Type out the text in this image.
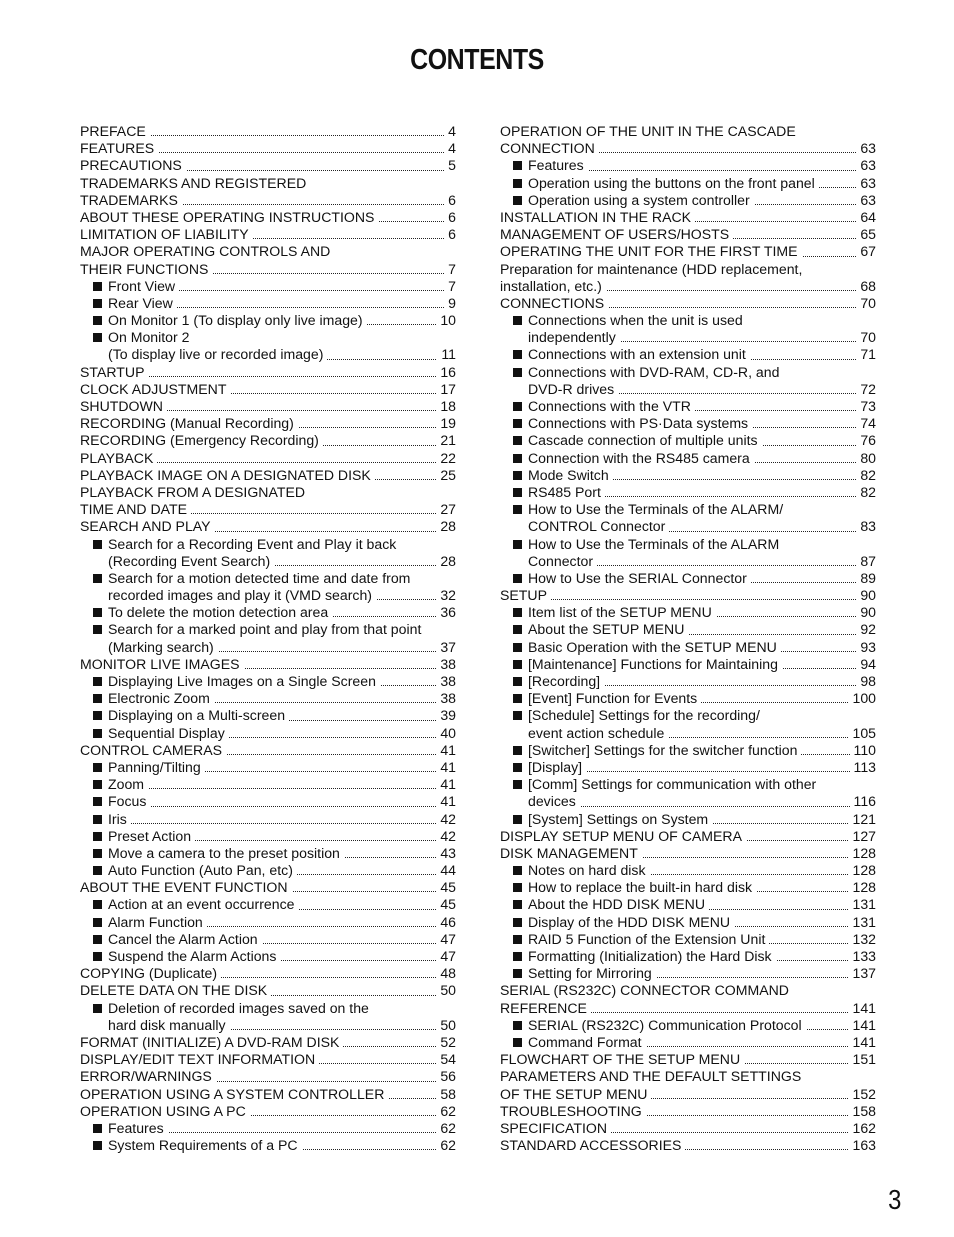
CONTENTS
PREFACE	4
FEATURES	4
PRECAUTIONS	5
TRADEMARKS AND REGISTERED
TRADEMARKS	6
ABOUT THESE OPERATING INSTRUCTIONS	6
LIMITATION OF LIABILITY	6
MAJOR OPERATING CONTROLS AND
THEIR FUNCTIONS	7
Front View	7
Rear View	9
On Monitor 1 (To display only live image)	10
On Monitor 2
(To display live or recorded image)	11
STARTUP	16
CLOCK ADJUSTMENT	17
SHUTDOWN	18
RECORDING (Manual Recording)	19
RECORDING (Emergency Recording)	21
PLAYBACK	22
PLAYBACK IMAGE ON A DESIGNATED DISK	25
PLAYBACK FROM A DESIGNATED
TIME AND DATE	27
SEARCH AND PLAY	28
Search for a Recording Event and Play it back
(Recording Event Search)	28
Search for a motion detected time and date from
recorded images and play it (VMD search)	32
To delete the motion detection area	36
Search for a marked point and play from that point
(Marking search)	37
MONITOR LIVE IMAGES	38
Displaying Live Images on a Single Screen	38
Electronic Zoom	38
Displaying on a Multi-screen	39
Sequential Display	40
CONTROL CAMERAS	41
Panning/Tilting	41
Zoom	41
Focus	41
Iris	42
Preset Action	42
Move a camera to the preset position	43
Auto Function (Auto Pan, etc)	44
ABOUT THE EVENT FUNCTION	45
Action at an event occurrence	45
Alarm Function	46
Cancel the Alarm Action	47
Suspend the Alarm Actions	47
COPYING (Duplicate)	48
DELETE DATA ON THE DISK	50
Deletion of recorded images saved on the
hard disk manually	50
FORMAT (INITIALIZE) A DVD-RAM DISK	52
DISPLAY/EDIT TEXT INFORMATION	54
ERROR/WARNINGS	56
OPERATION USING A SYSTEM CONTROLLER	58
OPERATION USING A PC	62
Features	62
System Requirements of a PC	62
OPERATION OF THE UNIT IN THE CASCADE
CONNECTION	63
Features	63
Operation using the buttons on the front panel	63
Operation using a system controller	63
INSTALLATION IN THE RACK	64
MANAGEMENT OF USERS/HOSTS	65
OPERATING THE UNIT FOR THE FIRST TIME	67
Preparation for maintenance (HDD replacement,
installation, etc.)	68
CONNECTIONS	70
Connections when the unit is used
independently	70
Connections with an extension unit	71
Connections with DVD-RAM, CD-R, and
DVD-R drives	72
Connections with the VTR	73
Connections with PS·Data systems	74
Cascade connection of multiple units	76
Connection with the RS485 camera	80
Mode Switch	82
RS485 Port	82
How to Use the Terminals of the ALARM/
CONTROL Connector	83
How to Use the Terminals of the ALARM
Connector	87
How to Use the SERIAL Connector	89
SETUP	90
Item list of the SETUP MENU	90
About the SETUP MENU	92
Basic Operation with the SETUP MENU	93
[Maintenance] Functions for Maintaining	94
[Recording]	98
[Event] Function for Events	100
[Schedule] Settings for the recording/
event action schedule	105
[Switcher] Settings for the switcher function	110
[Display]	113
[Comm] Settings for communication with other
devices	116
[System] Settings on System	121
DISPLAY SETUP MENU OF CAMERA	127
DISK MANAGEMENT	128
Notes on hard disk	128
How to replace the built-in hard disk	128
About the HDD DISK MENU	131
Display of the HDD DISK MENU	131
RAID 5 Function of the Extension Unit	132
Formatting (Initialization) the Hard Disk	133
Setting for Mirroring	137
SERIAL (RS232C) CONNECTOR COMMAND
REFERENCE	141
SERIAL (RS232C) Communication Protocol	141
Command Format	141
FLOWCHART OF THE SETUP MENU	151
PARAMETERS AND THE DEFAULT SETTINGS
OF THE SETUP MENU	152
TROUBLESHOOTING	158
SPECIFICATION	162
STANDARD ACCESSORIES	163
3
